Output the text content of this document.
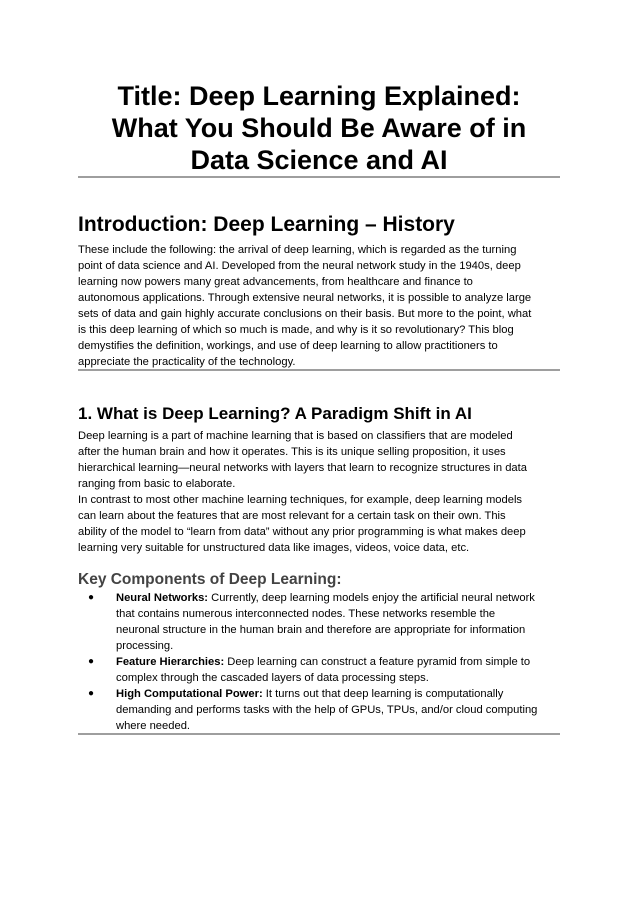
Title: Deep Learning Explained:
What You Should Be Aware of in
Data Science and AI
Introduction: Deep Learning – History

These include the following: the arrival of deep learning, which is regarded as the turning
point of data science and AI. Developed from the neural network study in the 1940s, deep
learning now powers many great advancements, from healthcare and finance to
autonomous applications. Through extensive neural networks, it is possible to analyze large
sets of data and gain highly accurate conclusions on their basis. But more to the point, what
is this deep learning of which so much is made, and why is it so revolutionary? This blog
demystifies the definition, workings, and use of deep learning to allow practitioners to
appreciate the practicality of the technology.

1. What is Deep Learning? A Paradigm Shift in AI

Deep learning is a part of machine learning that is based on classifiers that are modeled
after the human brain and how it operates. This is its unique selling proposition, it uses
hierarchical learning—neural networks with layers that learn to recognize structures in data
ranging from basic to elaborate.
In contrast to most other machine learning techniques, for example, deep learning models
can learn about the features that are most relevant for a certain task on their own. This
ability of the model to “learn from data” without any prior programming is what makes deep
learning very suitable for unstructured data like images, videos, voice data, etc.

Key Components of Deep Learning:
● Neural Networks: Currently, deep learning models enjoy the artificial neural network
that contains numerous interconnected nodes. These networks resemble the
neuronal structure in the human brain and therefore are appropriate for information
processing.
● Feature Hierarchies: Deep learning can construct a feature pyramid from simple to
complex through the cascaded layers of data processing steps.
● High Computational Power: It turns out that deep learning is computationally
demanding and performs tasks with the help of GPUs, TPUs, and/or cloud computing
where needed.
